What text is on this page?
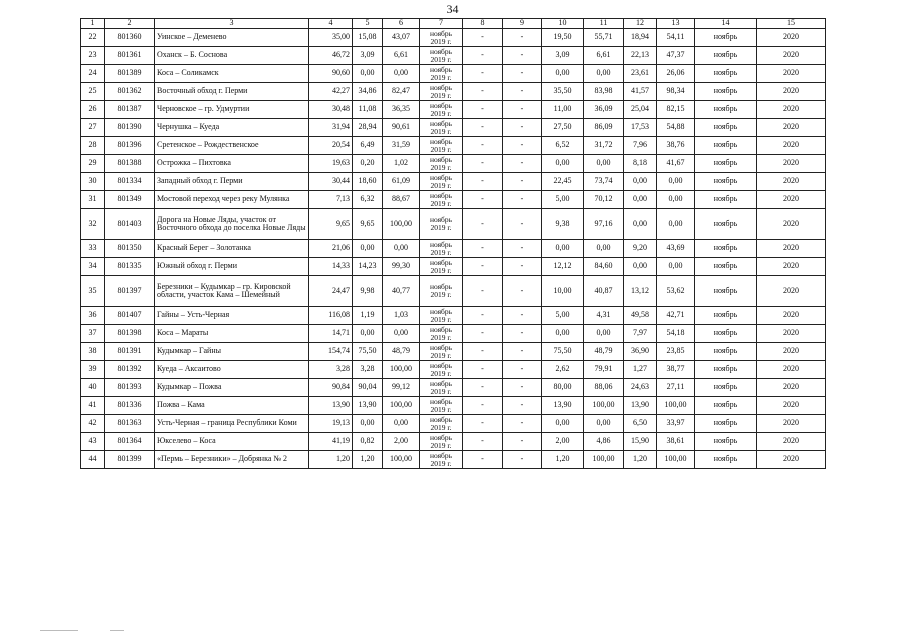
34
1	2	3	4	5	6	7	8	9	10	11	12	13	14	15
22	801360	Уинское – Деменево	35,00	15,08	43,07	ноябрь 2019 г.	-	-	19,50	55,71	18,94	54,11	ноябрь	2020
23	801361	Оханск – Б. Соснова	46,72	3,09	6,61	ноябрь 2019 г.	-	-	3,09	6,61	22,13	47,37	ноябрь	2020
24	801389	Коса – Соликамск	90,60	0,00	0,00	ноябрь 2019 г.	-	-	0,00	0,00	23,61	26,06	ноябрь	2020
25	801362	Восточный обход г. Перми	42,27	34,86	82,47	ноябрь 2019 г.	-	-	35,50	83,98	41,57	98,34	ноябрь	2020
26	801387	Черновское – гр. Удмуртии	30,48	11,08	36,35	ноябрь 2019 г.	-	-	11,00	36,09	25,04	82,15	ноябрь	2020
27	801390	Чернушка – Куеда	31,94	28,94	90,61	ноябрь 2019 г.	-	-	27,50	86,09	17,53	54,88	ноябрь	2020
28	801396	Сретенское – Рождественское	20,54	6,49	31,59	ноябрь 2019 г.	-	-	6,52	31,72	7,96	38,76	ноябрь	2020
29	801388	Острожка – Пихтовка	19,63	0,20	1,02	ноябрь 2019 г.	-	-	0,00	0,00	8,18	41,67	ноябрь	2020
30	801334	Западный обход г. Перми	30,44	18,60	61,09	ноябрь 2019 г.	-	-	22,45	73,74	0,00	0,00	ноябрь	2020
31	801349	Мостовой переход через реку Мулянка	7,13	6,32	88,67	ноябрь 2019 г.	-	-	5,00	70,12	0,00	0,00	ноябрь	2020
32	801403	Дорога на Новые Ляды, участок от Восточного обхода до поселка Новые Ляды	9,65	9,65	100,00	ноябрь 2019 г.	-	-	9,38	97,16	0,00	0,00	ноябрь	2020
33	801350	Красный Берег – Золотанка	21,06	0,00	0,00	ноябрь 2019 г.	-	-	0,00	0,00	9,20	43,69	ноябрь	2020
34	801335	Южный обход г. Перми	14,33	14,23	99,30	ноябрь 2019 г.	-	-	12,12	84,60	0,00	0,00	ноябрь	2020
35	801397	Березники – Кудымкар – гр. Кировской области, участок Кама – Шемейный	24,47	9,98	40,77	ноябрь 2019 г.	-	-	10,00	40,87	13,12	53,62	ноябрь	2020
36	801407	Гайны – Усть-Черная	116,08	1,19	1,03	ноябрь 2019 г.	-	-	5,00	4,31	49,58	42,71	ноябрь	2020
37	801398	Коса – Мараты	14,71	0,00	0,00	ноябрь 2019 г.	-	-	0,00	0,00	7,97	54,18	ноябрь	2020
38	801391	Кудымкар – Гайны	154,74	75,50	48,79	ноябрь 2019 г.	-	-	75,50	48,79	36,90	23,85	ноябрь	2020
39	801392	Куеда – Аксаитово	3,28	3,28	100,00	ноябрь 2019 г.	-	-	2,62	79,91	1,27	38,77	ноябрь	2020
40	801393	Кудымкар – Пожва	90,84	90,04	99,12	ноябрь 2019 г.	-	-	80,00	88,06	24,63	27,11	ноябрь	2020
41	801336	Пожва – Кама	13,90	13,90	100,00	ноябрь 2019 г.	-	-	13,90	100,00	13,90	100,00	ноябрь	2020
42	801363	Усть-Черная – граница Республики Коми	19,13	0,00	0,00	ноябрь 2019 г.	-	-	0,00	0,00	6,50	33,97	ноябрь	2020
43	801364	Юкселево – Коса	41,19	0,82	2,00	ноябрь 2019 г.	-	-	2,00	4,86	15,90	38,61	ноябрь	2020
44	801399	«Пермь – Березники» – Добрянка № 2	1,20	1,20	100,00	ноябрь 2019 г.	-	-	1,20	100,00	1,20	100,00	ноябрь	2020
